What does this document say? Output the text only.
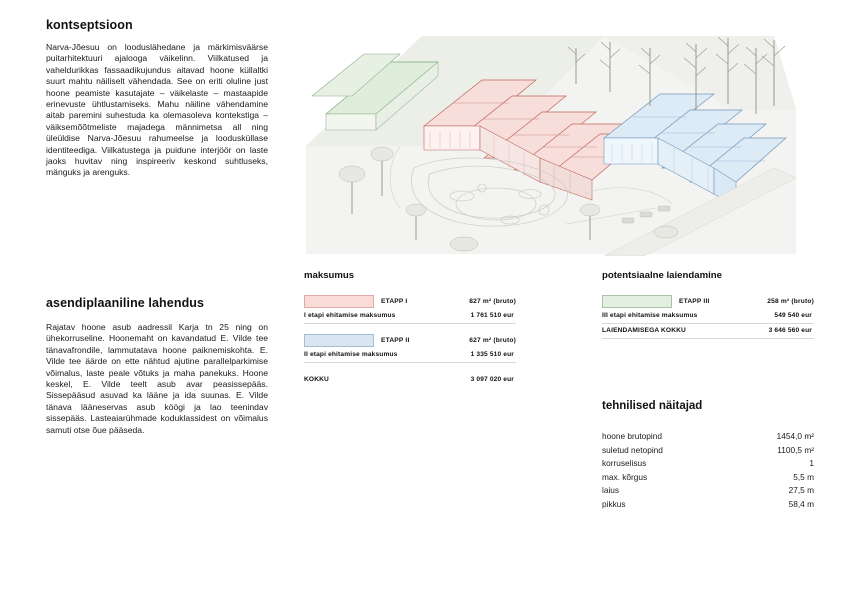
kontseptsioon

Narva-Jõesuu on looduslähedane ja märkimisväärse puitarhitektuuri ajalooga väikelinn. Viilkatused ja vaheldurikkas fassaadikujundus aitavad hoone küllaltki suurt mahtu näiliselt vähendada. See on eriti oluline just hoone peamiste kasutajate – väikelaste – mastaapide erinevuste ühtlustamiseks. Mahu näiline vähendamine aitab paremini suhestuda ka olemasoleva kontekstiga – väiksemõõtmeliste majadega männimetsa all ning üleüldise Narva-Jõesuu rahumeelse ja loodusküllase identiteediga. Viilkatustega ja puidune interjöör on laste jaoks huvitav ning inspireeriv keskond suhtluseks, mänguks ja arenguks.

asendiplaaniline lahendus

Rajatav hoone asub aadressil Karja tn 25 ning on ühekorruseline. Hoonemaht on kavandatud E. Vilde tee tänavafrondile, lammutatava hoone paiknemiskohta. E. Vilde tee äärde on ette nähtud ajutine parallelparkimise võimalus, laste peale võtuks ja maha panekuks. Hoone keskel, E. Vilde teelt asub avar peasissepääs. Sissepääsud asuvad ka lääne ja ida suunas. E. Vilde tänava lääneservas asub köögi ja lao teenindav sissepääs. Lasteaiarühmade koduklassidest on võimalus samuti otse õue pääseda.

maksumus
ETAPP I	827 m² (bruto)
I etapi ehitamise maksumus	1 761 510 eur
ETAPP II	627 m² (bruto)
II etapi ehitamise maksumus	1 335 510 eur
KOKKU	3 097 020 eur
potentsiaalne laiendamine
ETAPP III	258 m² (bruto)
III etapi ehitamise maksumus	549 540 eur
LAIENDAMISEGA KOKKU	3 646 560 eur
tehnilised näitajad
hoone brutopind	1454,0 m²
suletud netopind	1100,5 m²
korruselisus	1
max. kõrgus	5,5 m
laius	27,5 m
pikkus	58,4 m
